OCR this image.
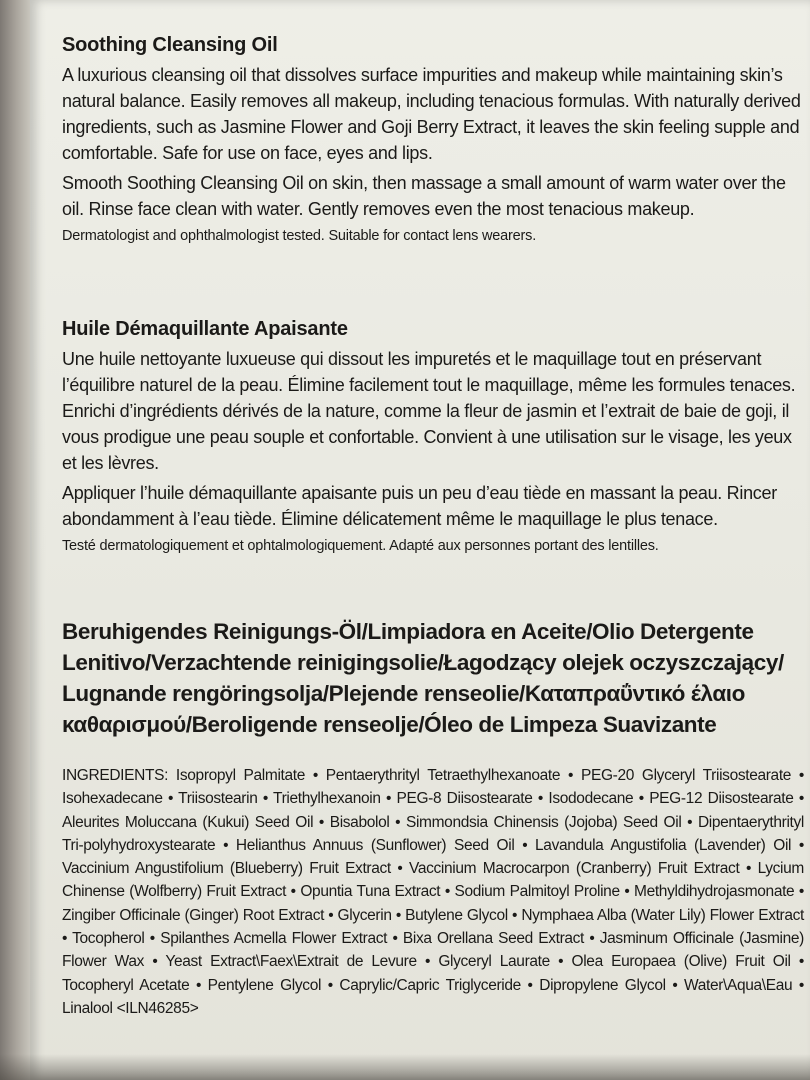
Soothing Cleansing Oil

A luxurious cleansing oil that dissolves surface impurities and makeup while maintaining skin’s natural balance. Easily removes all makeup, including tenacious formulas. With naturally derived ingredients, such as Jasmine Flower and Goji Berry Extract, it leaves the skin feeling supple and comfortable. Safe for use on face, eyes and lips.

Smooth Soothing Cleansing Oil on skin, then massage a small amount of warm water over the oil. Rinse face clean with water. Gently removes even the most tenacious makeup.

Dermatologist and ophthalmologist tested. Suitable for contact lens wearers.

Huile Démaquillante Apaisante

Une huile nettoyante luxueuse qui dissout les impuretés et le maquillage tout en préservant l’équilibre naturel de la peau. Élimine facilement tout le maquillage, même les formules tenaces. Enrichi d’ingrédients dérivés de la nature, comme la fleur de jasmin et l’extrait de baie de goji, il vous prodigue une peau souple et confortable. Convient à une utilisation sur le visage, les yeux et les lèvres.

Appliquer l’huile démaquillante apaisante puis un peu d’eau tiède en massant la peau. Rincer abondamment à l’eau tiède. Élimine délicatement même le maquillage le plus tenace.

Testé dermatologiquement et ophtalmologiquement. Adapté aux personnes portant des lentilles.

Beruhigendes Reinigungs-Öl/Limpiadora en Aceite/Olio Detergente Lenitivo/Verzachtende reinigingsolie/Łagodzący olejek oczyszczający/ Lugnande rengöringsolja/Plejende renseolie/Καταπραΰντικό έλαιο καθαρισμού/Beroligende renseolje/Óleo de Limpeza Suavizante

INGREDIENTS: Isopropyl Palmitate • Pentaerythrityl Tetraethylhexanoate • PEG-20 Glyceryl Triisostearate • Isohexadecane • Triisostearin • Triethylhexanoin • PEG-8 Diisostearate • Isododecane • PEG-12 Diisostearate • Aleurites Moluccana (Kukui) Seed Oil • Bisabolol • Simmondsia Chinensis (Jojoba) Seed Oil • Dipentaerythrityl Tri-polyhydroxystearate • Helianthus Annuus (Sunflower) Seed Oil • Lavandula Angustifolia (Lavender) Oil • Vaccinium Angustifolium (Blueberry) Fruit Extract • Vaccinium Macrocarpon (Cranberry) Fruit Extract • Lycium Chinense (Wolfberry) Fruit Extract • Opuntia Tuna Extract • Sodium Palmitoyl Proline • Methyldihydrojasmonate • Zingiber Officinale (Ginger) Root Extract • Glycerin • Butylene Glycol • Nymphaea Alba (Water Lily) Flower Extract • Tocopherol • Spilanthes Acmella Flower Extract • Bixa Orellana Seed Extract • Jasminum Officinale (Jasmine) Flower Wax • Yeast Extract\Faex\Extrait de Levure • Glyceryl Laurate • Olea Europaea (Olive) Fruit Oil • Tocopheryl Acetate • Pentylene Glycol • Caprylic/Capric Triglyceride • Dipropylene Glycol • Water\Aqua\Eau • Linalool <ILN46285>
